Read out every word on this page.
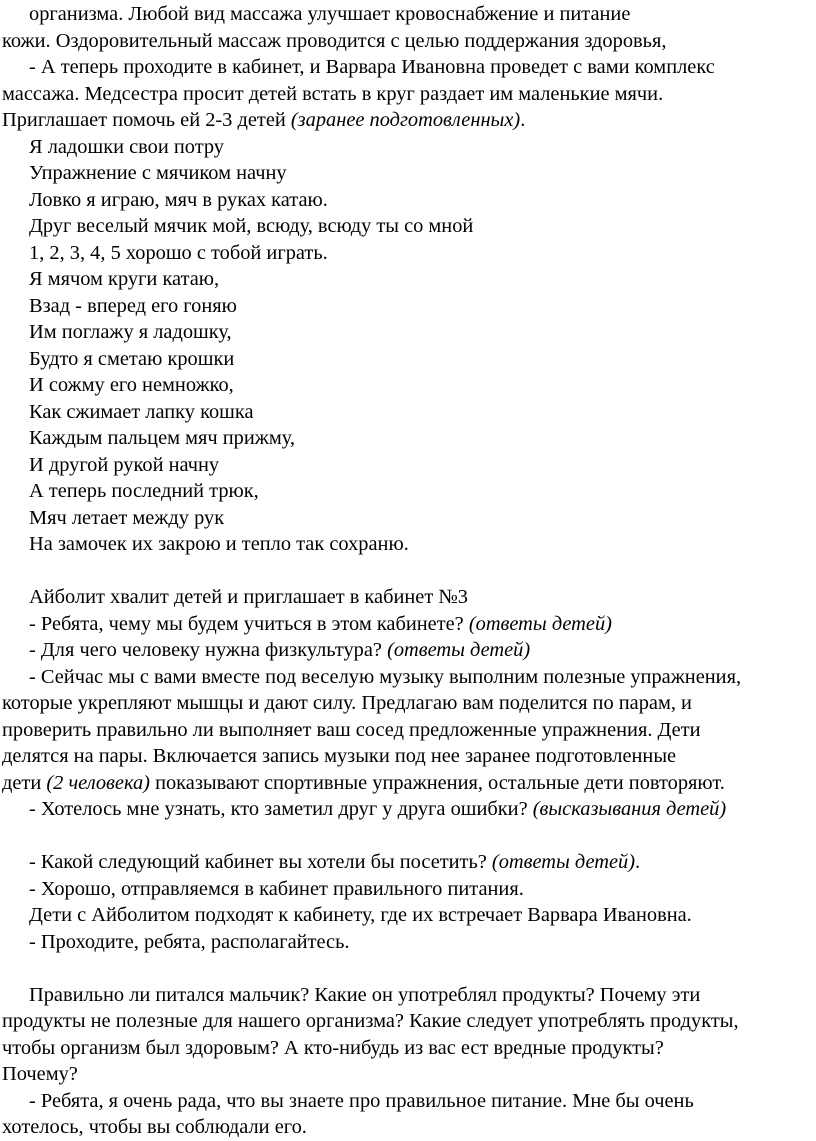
организма. Любой вид массажа улучшает кровоснабжение и питание
кожи. Оздоровительный массаж проводится с целью поддержания здоровья,
- А теперь проходите в кабинет, и Варвара Ивановна проведет с вами комплекс
массажа. Медсестра просит детей встать в круг раздает им маленькие мячи.
Приглашает помочь ей 2-3 детей (заранее подготовленных).
Я ладошки свои потру
Упражнение с мячиком начну
Ловко я играю, мяч в руках катаю.
Друг веселый мячик мой, всюду, всюду ты со мной
1, 2, 3, 4, 5 хорошо с тобой играть.
Я мячом круги катаю,
Взад - вперед его гоняю
Им поглажу я ладошку,
Будто я сметаю крошки
И сожму его немножко,
Как сжимает лапку кошка
Каждым пальцем мяч прижму,
И другой рукой начну
А теперь последний трюк,
Мяч летает между рук
На замочек их закрою и тепло так сохраню.
Айболит хвалит детей и приглашает в кабинет №3
- Ребята, чему мы будем учиться в этом кабинете? (ответы детей)
- Для чего человеку нужна физкультура? (ответы детей)
- Сейчас мы с вами вместе под веселую музыку выполним полезные упражнения,
которые укрепляют мышцы и дают силу. Предлагаю вам поделится по парам, и
проверить правильно ли выполняет ваш сосед предложенные упражнения. Дети
делятся на пары. Включается запись музыки под нее заранее подготовленные
дети (2 человека) показывают спортивные упражнения, остальные дети повторяют.
- Хотелось мне узнать, кто заметил друг у друга ошибки? (высказывания детей)
- Какой следующий кабинет вы хотели бы посетить? (ответы детей).
- Хорошо, отправляемся в кабинет правильного питания.
Дети с Айболитом подходят к кабинету, где их встречает Варвара Ивановна.
- Проходите, ребята, располагайтесь.
Правильно ли питался мальчик? Какие он употреблял продукты? Почему эти
продукты не полезные для нашего организма? Какие следует употреблять продукты,
чтобы организм был здоровым? А кто-нибудь из вас ест вредные продукты?
Почему?
- Ребята, я очень рада, что вы знаете про правильное питание. Мне бы очень
хотелось, чтобы вы соблюдали его.
